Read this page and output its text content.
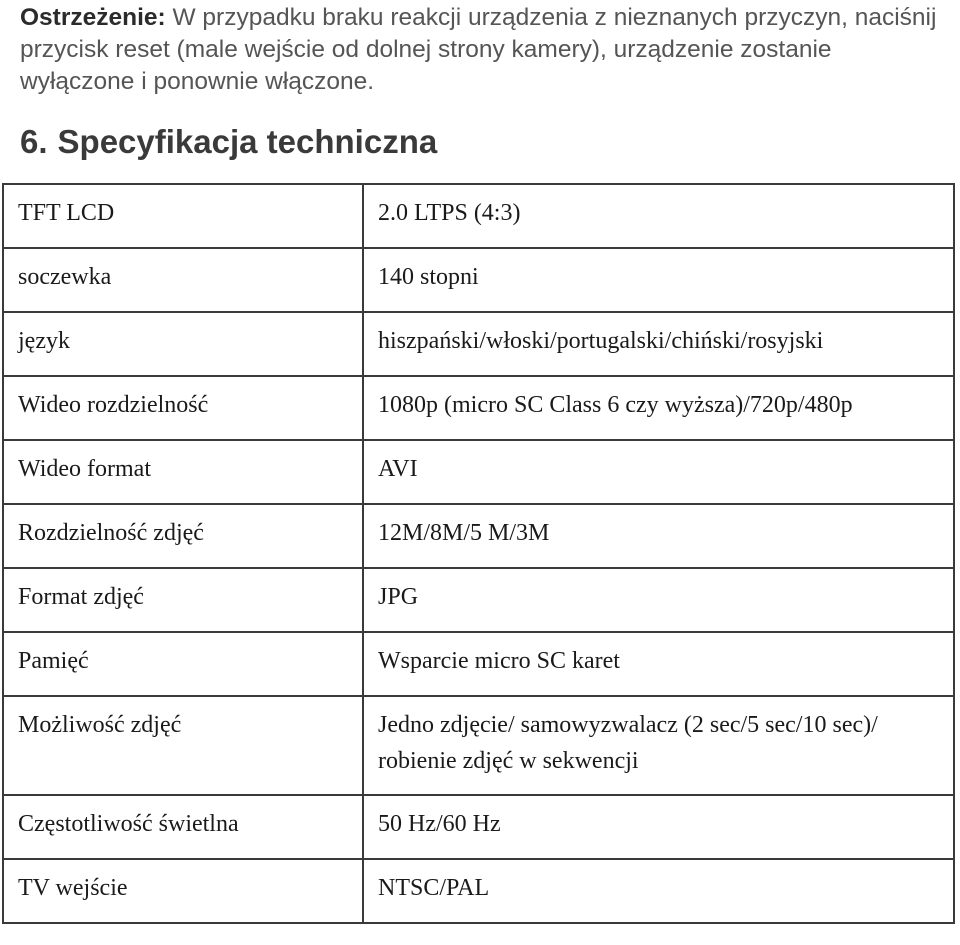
Ostrzeżenie: W przypadku braku reakcji urządzenia z nieznanych przyczyn, naciśnij przycisk reset (male wejście od dolnej strony kamery), urządzenie zostanie wyłączone i ponownie włączone.
6. Specyfikacja techniczna
TFT LCD	2.0 LTPS (4:3)
soczewka	140 stopni
język	hiszpański/włoski/portugalski/chiński/rosyjski
Wideo rozdzielność	1080p (micro SC Class 6 czy wyższa)/720p/480p
Wideo format	AVI
Rozdzielność zdjęć	12M/8M/5 M/3M
Format zdjęć	JPG
Pamięć	Wsparcie micro SC karet
Możliwość zdjęć	Jedno zdjęcie/ samowyzwalacz (2 sec/5 sec/10 sec)/
robienie zdjęć w sekwencji

Częstotliwość świetlna	50 Hz/60 Hz
TV wejście	NTSC/PAL
